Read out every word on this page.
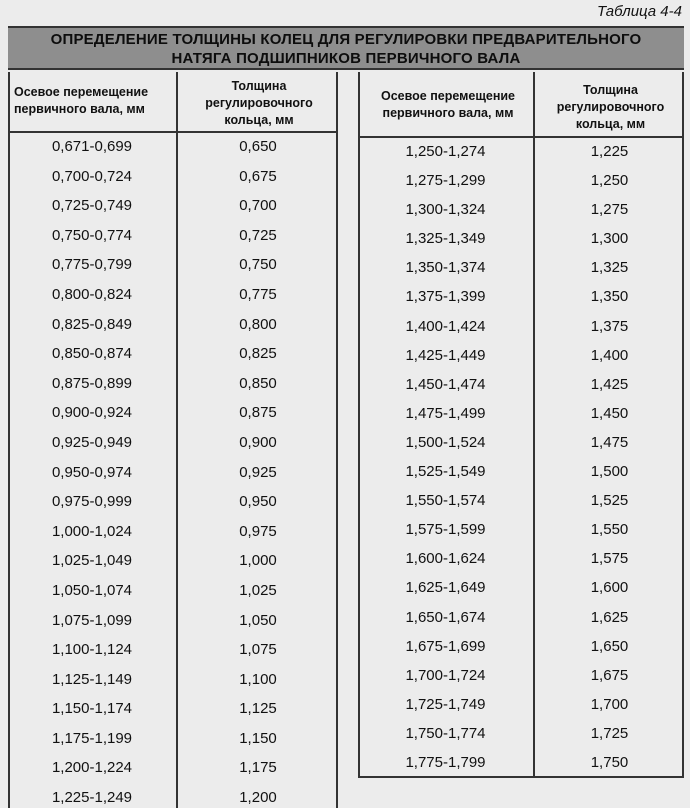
Таблица 4-4
ОПРЕДЕЛЕНИЕ ТОЛЩИНЫ КОЛЕЦ ДЛЯ РЕГУЛИРОВКИ ПРЕДВАРИТЕЛЬНОГО
НАТЯГА ПОДШИПНИКОВ ПЕРВИЧНОГО ВАЛА
Осевое перемещение
первичного вала, мм
Толщина
регулировочного
кольца, мм
0,671-0,699	0,650
0,700-0,724	0,675
0,725-0,749	0,700
0,750-0,774	0,725
0,775-0,799	0,750
0,800-0,824	0,775
0,825-0,849	0,800
0,850-0,874	0,825
0,875-0,899	0,850
0,900-0,924	0,875
0,925-0,949	0,900
0,950-0,974	0,925
0,975-0,999	0,950
1,000-1,024	0,975
1,025-1,049	1,000
1,050-1,074	1,025
1,075-1,099	1,050
1,100-1,124	1,075
1,125-1,149	1,100
1,150-1,174	1,125
1,175-1,199	1,150
1,200-1,224	1,175
1,225-1,249	1,200
Осевое перемещение
первичного вала, мм
Толщина
регулировочного
кольца, мм
1,250-1,274	1,225
1,275-1,299	1,250
1,300-1,324	1,275
1,325-1,349	1,300
1,350-1,374	1,325
1,375-1,399	1,350
1,400-1,424	1,375
1,425-1,449	1,400
1,450-1,474	1,425
1,475-1,499	1,450
1,500-1,524	1,475
1,525-1,549	1,500
1,550-1,574	1,525
1,575-1,599	1,550
1,600-1,624	1,575
1,625-1,649	1,600
1,650-1,674	1,625
1,675-1,699	1,650
1,700-1,724	1,675
1,725-1,749	1,700
1,750-1,774	1,725
1,775-1,799	1,750
